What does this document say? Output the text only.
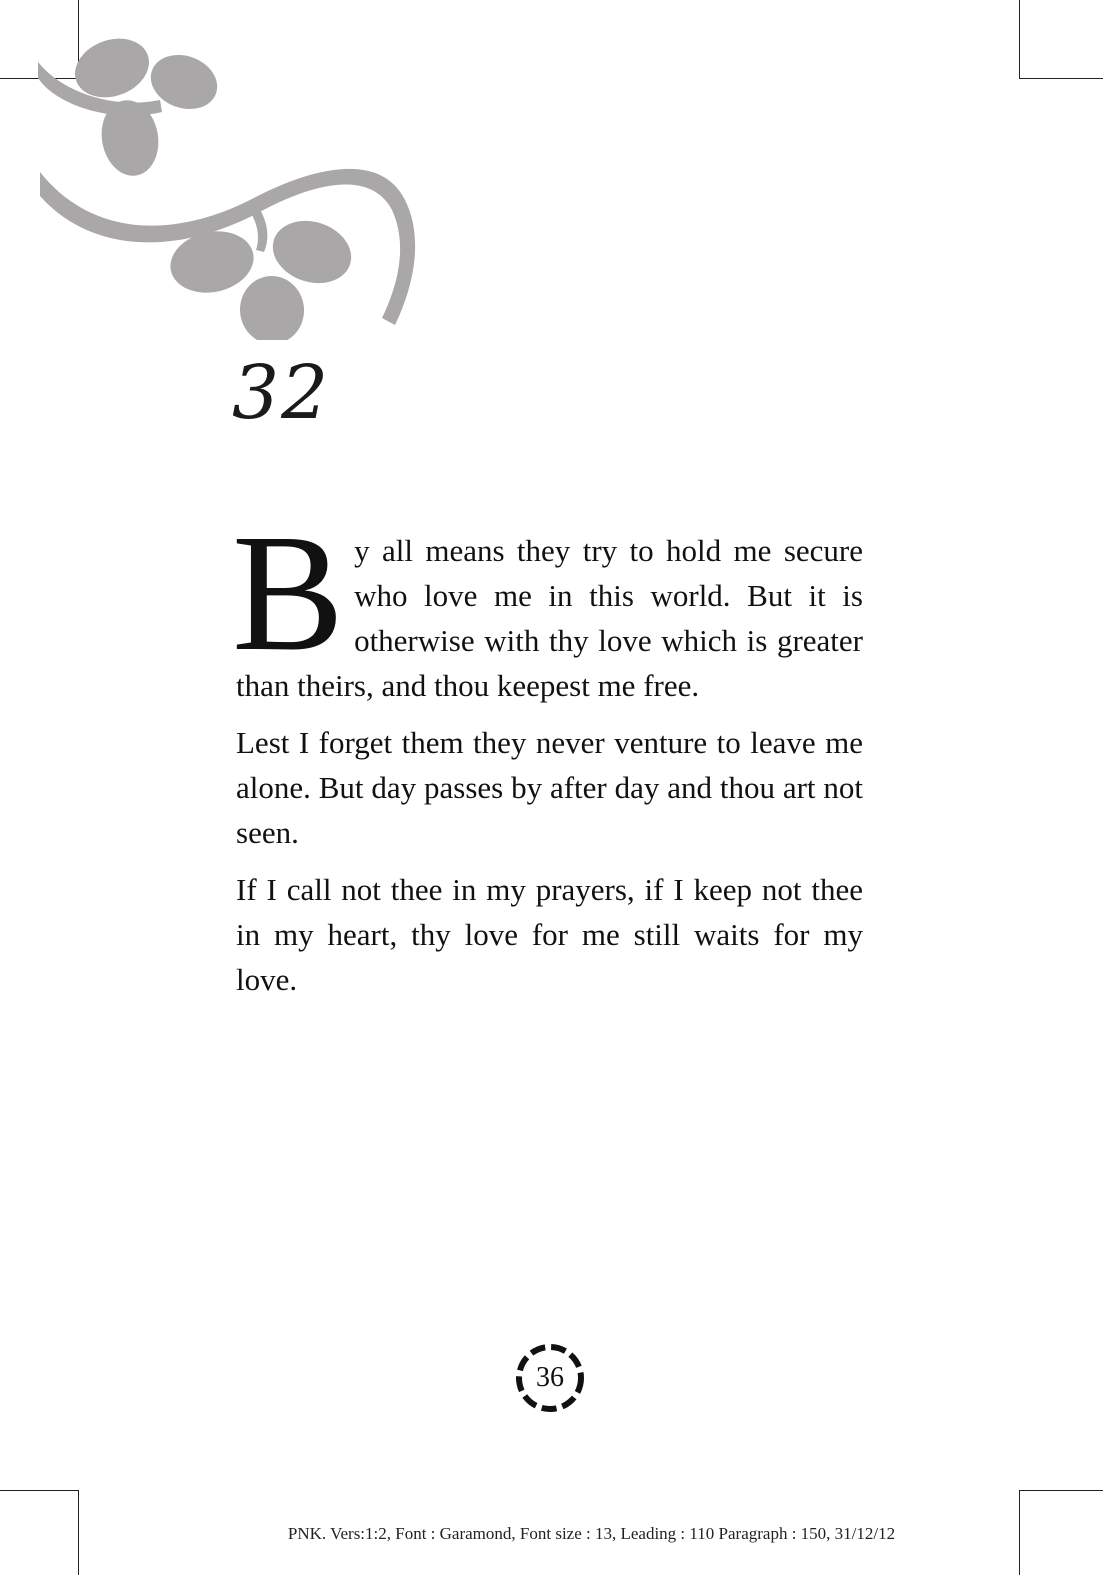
32

By all means they try to hold me secure who love me in this world. But it is otherwise with thy love which is greater than theirs, and thou keepest me free.

Lest I forget them they never venture to leave me alone. But day passes by after day and thou art not seen.

If I call not thee in my prayers, if I keep not thee in my heart, thy love for me still waits for my love.

36
PNK. Vers:1:2, Font : Garamond, Font size : 13, Leading : 110 Paragraph : 150, 31/12/12
